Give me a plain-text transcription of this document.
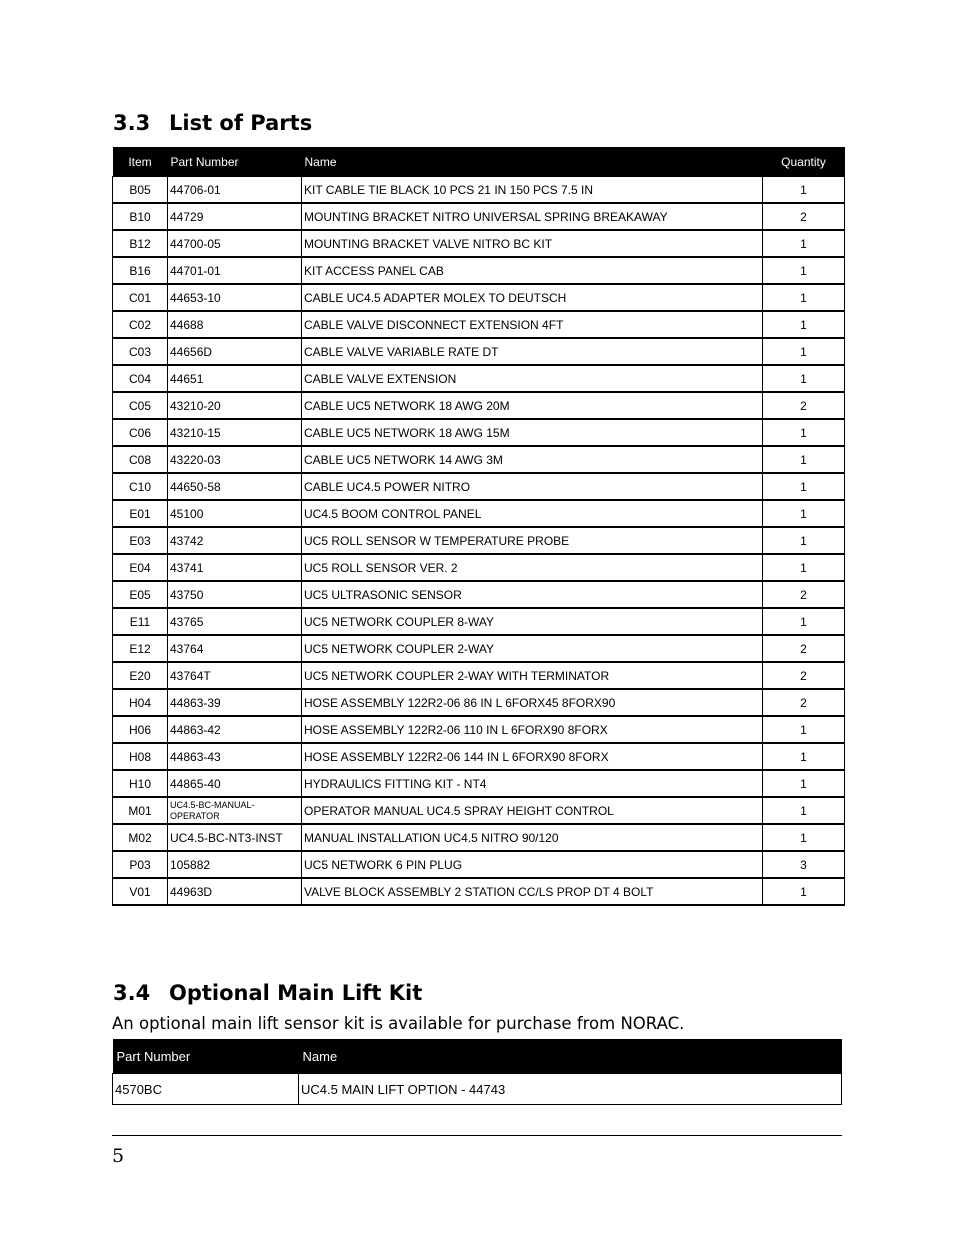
3.3 List of Parts
Item	Part Number	Name	Quantity
B05	44706-01	KIT CABLE TIE BLACK 10 PCS 21 IN 150 PCS 7.5 IN	1
B10	44729	MOUNTING BRACKET NITRO UNIVERSAL SPRING BREAKAWAY	2
B12	44700-05	MOUNTING BRACKET VALVE NITRO BC KIT	1
B16	44701-01	KIT ACCESS PANEL CAB	1
C01	44653-10	CABLE UC4.5 ADAPTER MOLEX TO DEUTSCH	1
C02	44688	CABLE VALVE DISCONNECT EXTENSION 4FT	1
C03	44656D	CABLE VALVE VARIABLE RATE DT	1
C04	44651	CABLE VALVE EXTENSION	1
C05	43210-20	CABLE UC5 NETWORK 18 AWG 20M	2
C06	43210-15	CABLE UC5 NETWORK 18 AWG 15M	1
C08	43220-03	CABLE UC5 NETWORK 14 AWG 3M	1
C10	44650-58	CABLE UC4.5 POWER NITRO	1
E01	45100	UC4.5 BOOM CONTROL PANEL	1
E03	43742	UC5 ROLL SENSOR W TEMPERATURE PROBE	1
E04	43741	UC5 ROLL SENSOR VER. 2	1
E05	43750	UC5 ULTRASONIC SENSOR	2
E11	43765	UC5 NETWORK COUPLER 8-WAY	1
E12	43764	UC5 NETWORK COUPLER 2-WAY	2
E20	43764T	UC5 NETWORK COUPLER 2-WAY WITH TERMINATOR	2
H04	44863-39	HOSE ASSEMBLY 122R2-06 86 IN L 6FORX45 8FORX90	2
H06	44863-42	HOSE ASSEMBLY 122R2-06 110 IN L 6FORX90 8FORX	1
H08	44863-43	HOSE ASSEMBLY 122R2-06 144 IN L 6FORX90 8FORX	1
H10	44865-40	HYDRAULICS FITTING KIT - NT4	1
M01	UC4.5-BC-MANUAL-OPERATOR	OPERATOR MANUAL UC4.5 SPRAY HEIGHT CONTROL	1
M02	UC4.5-BC-NT3-INST	MANUAL INSTALLATION UC4.5 NITRO 90/120	1
P03	105882	UC5 NETWORK 6 PIN PLUG	3
V01	44963D	VALVE BLOCK ASSEMBLY 2 STATION CC/LS PROP DT 4 BOLT	1
3.4 Optional Main Lift Kit

An optional main lift sensor kit is available for purchase from NORAC.

Part Number	Name
4570BC	UC4.5 MAIN LIFT OPTION - 44743

5
